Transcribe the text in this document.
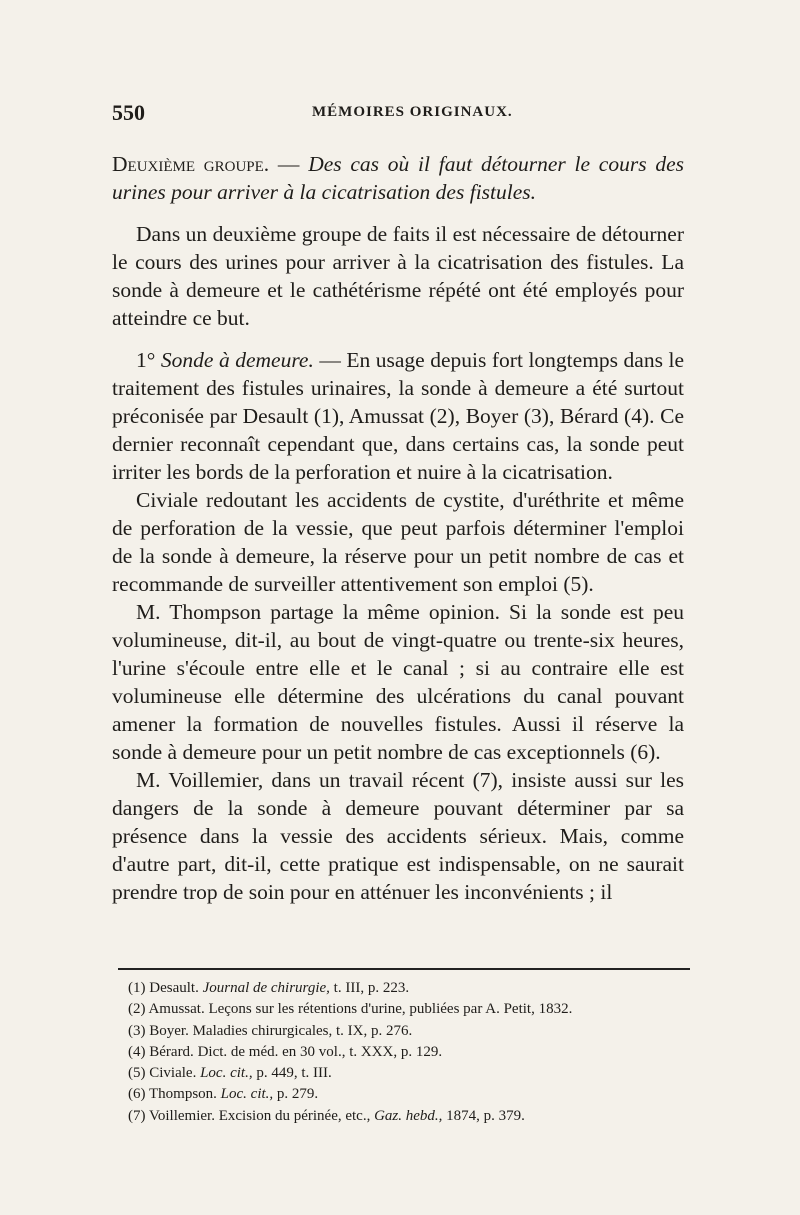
550	MÉMOIRES ORIGINAUX.

Deuxième groupe. — Des cas où il faut détourner le cours des urines pour arriver à la cicatrisation des fistules.

Dans un deuxième groupe de faits il est nécessaire de détourner le cours des urines pour arriver à la cicatrisation des fistules. La sonde à demeure et le cathétérisme répété ont été employés pour atteindre ce but.

1° Sonde à demeure. — En usage depuis fort longtemps dans le traitement des fistules urinaires, la sonde à demeure a été surtout préconisée par Desault (1), Amussat (2), Boyer (3), Bérard (4). Ce dernier reconnaît cependant que, dans certains cas, la sonde peut irriter les bords de la perforation et nuire à la cicatrisation.

Civiale redoutant les accidents de cystite, d'uréthrite et même de perforation de la vessie, que peut parfois déterminer l'emploi de la sonde à demeure, la réserve pour un petit nombre de cas et recommande de surveiller attentivement son emploi (5).

M. Thompson partage la même opinion. Si la sonde est peu volumineuse, dit-il, au bout de vingt-quatre ou trente-six heures, l'urine s'écoule entre elle et le canal ; si au contraire elle est volumineuse elle détermine des ulcérations du canal pouvant amener la formation de nouvelles fistules. Aussi il réserve la sonde à demeure pour un petit nombre de cas exceptionnels (6).

M. Voillemier, dans un travail récent (7), insiste aussi sur les dangers de la sonde à demeure pouvant déterminer par sa présence dans la vessie des accidents sérieux. Mais, comme d'autre part, dit-il, cette pratique est indispensable, on ne saurait prendre trop de soin pour en atténuer les inconvénients ; il

(1) Desault. Journal de chirurgie, t. III, p. 223.
(2) Amussat. Leçons sur les rétentions d'urine, publiées par A. Petit, 1832.
(3) Boyer. Maladies chirurgicales, t. IX, p. 276.
(4) Bérard. Dict. de méd. en 30 vol., t. XXX, p. 129.
(5) Civiale. Loc. cit., p. 449, t. III.
(6) Thompson. Loc. cit., p. 279.
(7) Voillemier. Excision du périnée, etc., Gaz. hebd., 1874, p. 379.
